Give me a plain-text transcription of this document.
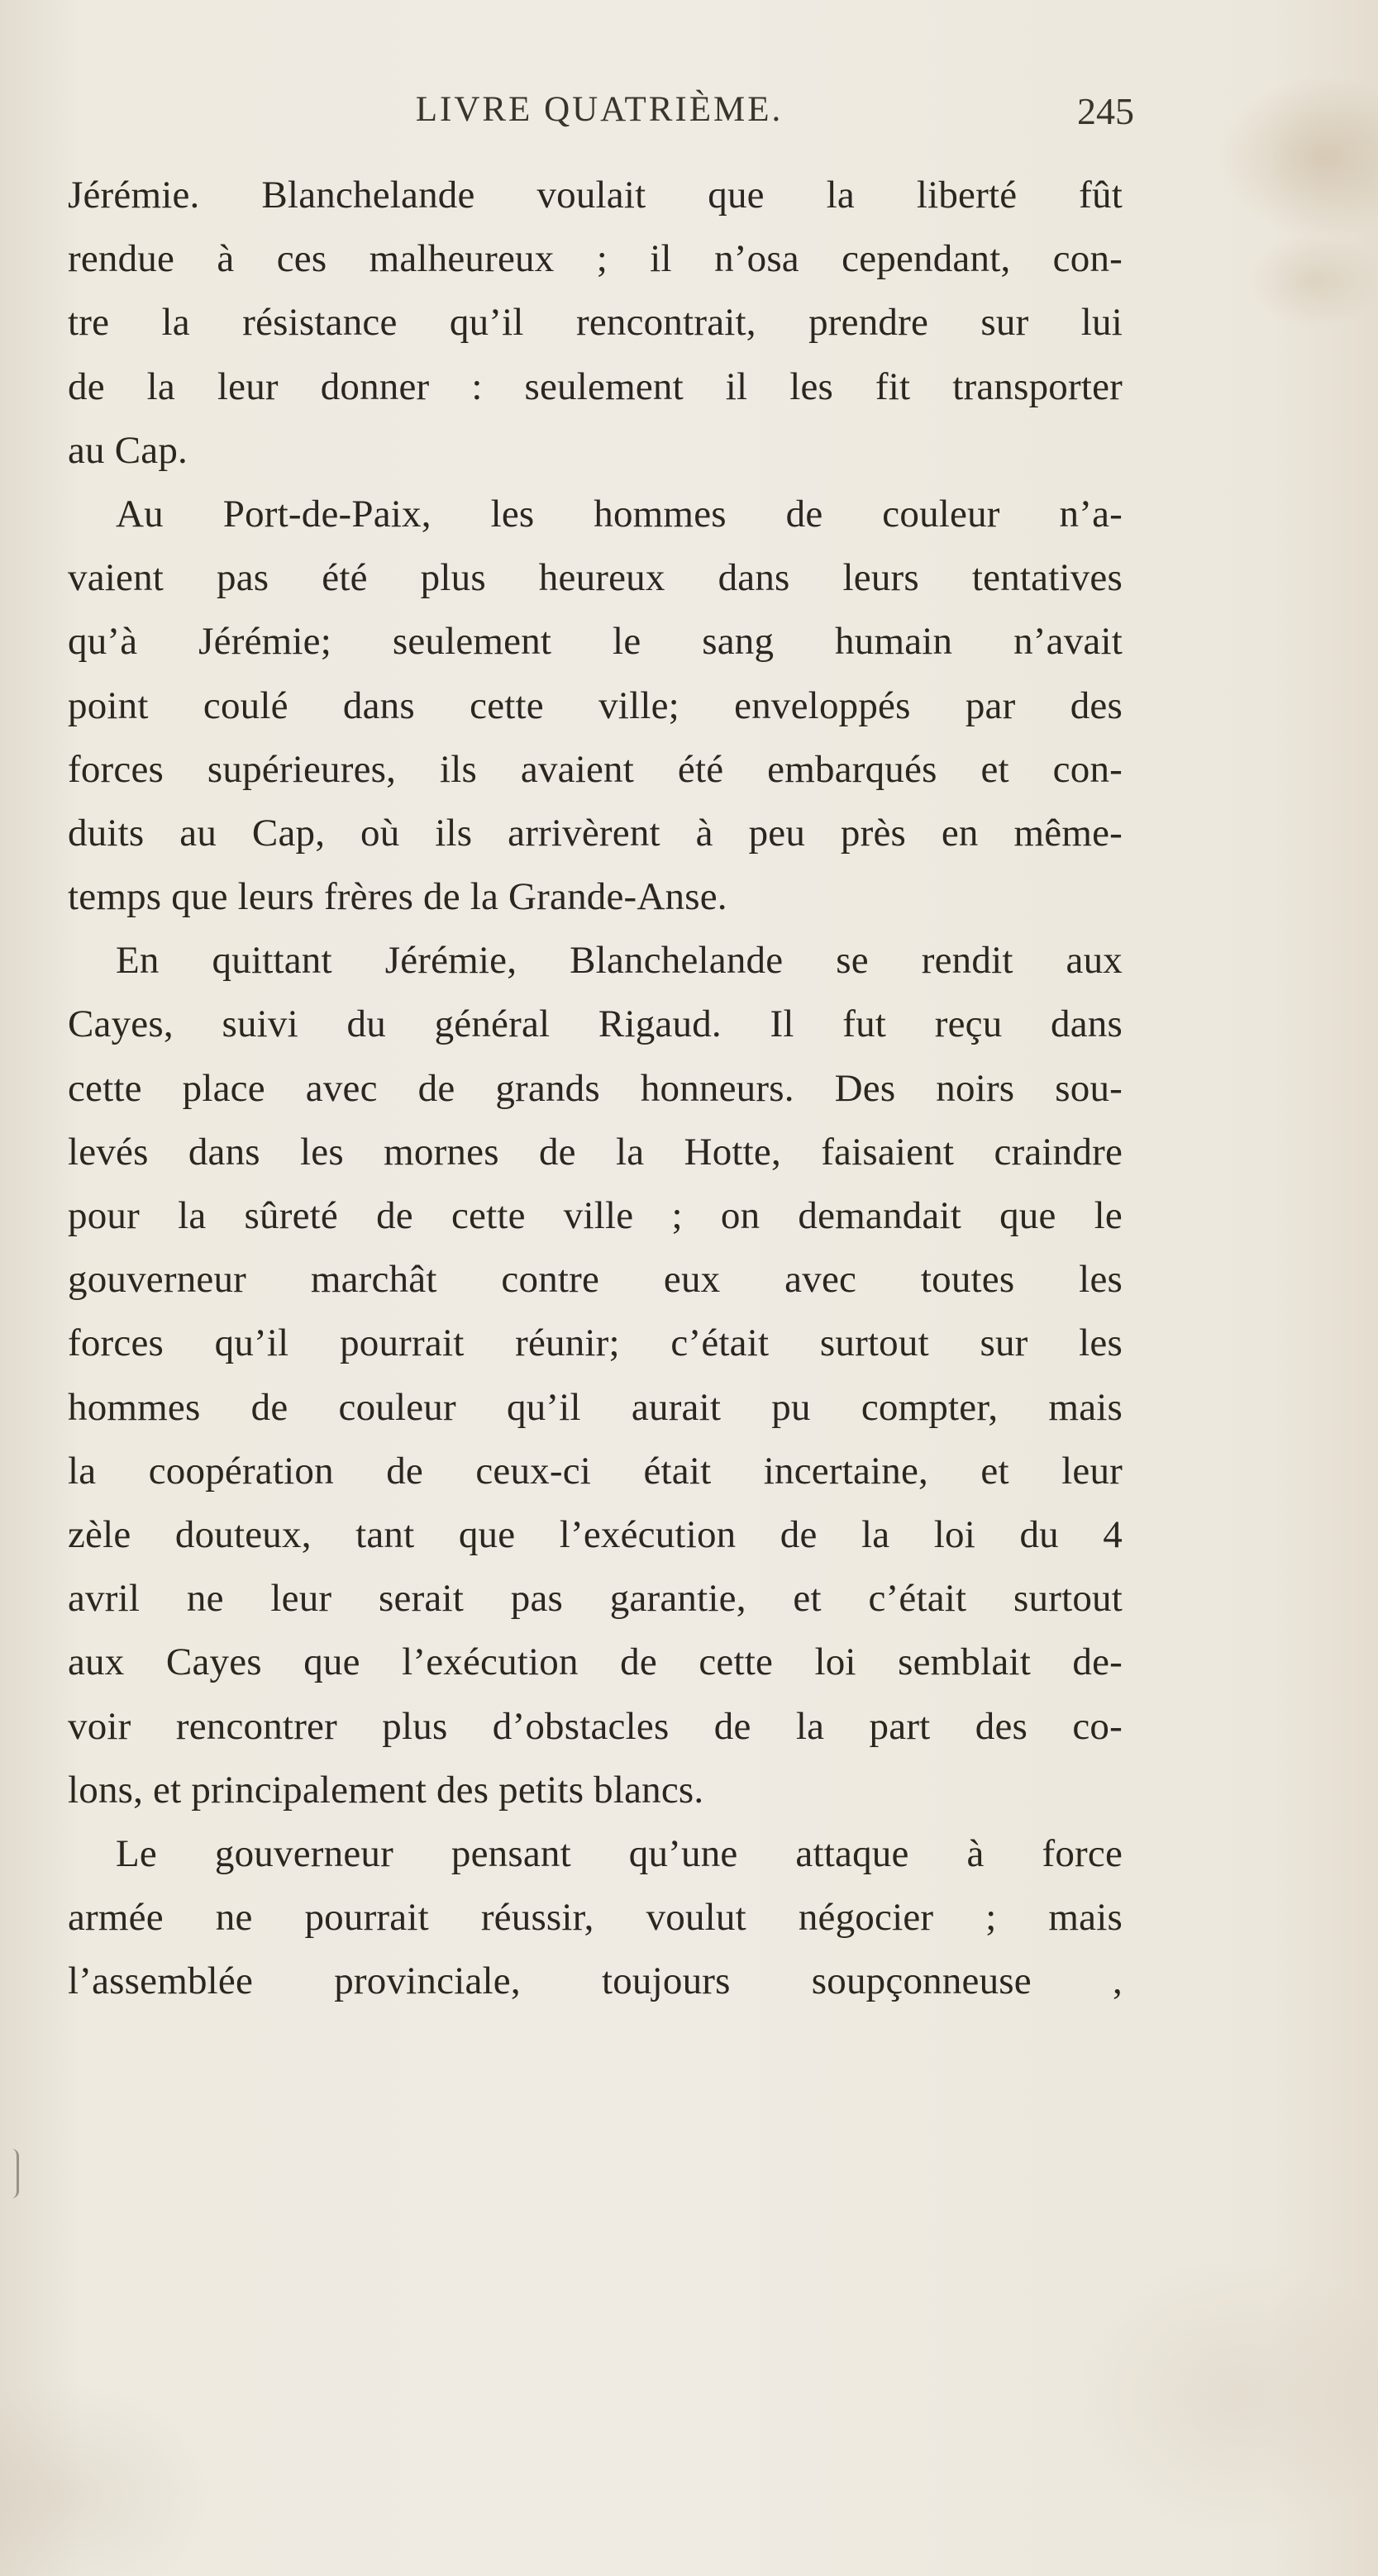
LIVRE QUATRIÈME.	245
Jérémie. Blanchelande voulait que la liberté fût
rendue à ces malheureux ; il n’osa cependant, con-
tre la résistance qu’il rencontrait, prendre sur lui
de la leur donner : seulement il les fit transporter
au Cap.
Au Port-de-Paix, les hommes de couleur n’a-
vaient pas été plus heureux dans leurs tentatives
qu’à Jérémie; seulement le sang humain n’avait
point coulé dans cette ville; enveloppés par des
forces supérieures, ils avaient été embarqués et con-
duits au Cap, où ils arrivèrent à peu près en même-
temps que leurs frères de la Grande-Anse.
En quittant Jérémie, Blanchelande se rendit aux
Cayes, suivi du général Rigaud. Il fut reçu dans
cette place avec de grands honneurs. Des noirs sou-
levés dans les mornes de la Hotte, faisaient craindre
pour la sûreté de cette ville ; on demandait que le
gouverneur marchât contre eux avec toutes les
forces qu’il pourrait réunir; c’était surtout sur les
hommes de couleur qu’il aurait pu compter, mais
la coopération de ceux-ci était incertaine, et leur
zèle douteux, tant que l’exécution de la loi du 4
avril ne leur serait pas garantie, et c’était surtout
aux Cayes que l’exécution de cette loi semblait de-
voir rencontrer plus d’obstacles de la part des co-
lons, et principalement des petits blancs.
Le gouverneur pensant qu’une attaque à force
armée ne pourrait réussir, voulut négocier ; mais
l’assemblée provinciale, toujours soupçonneuse ,
